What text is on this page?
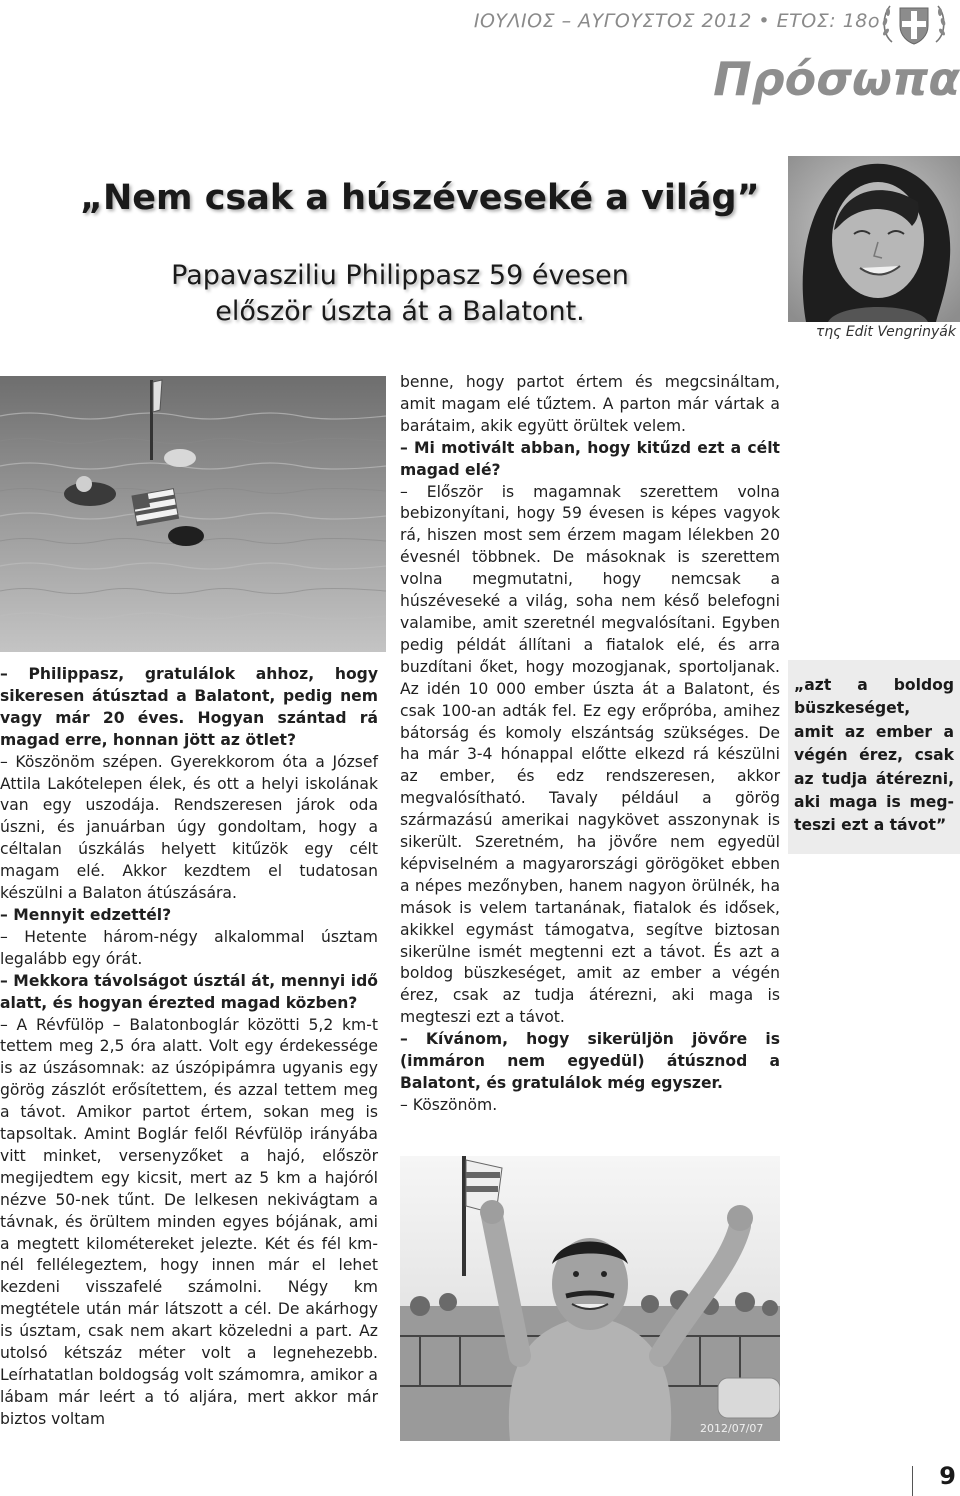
ΙΟΥΛΙΟΣ – ΑΥΓΟΥΣΤΟΣ 2012 • ΕΤΟΣ: 18ο
Πρόσωπα
„Nem csak a húszéveseké a világ”
Papavasziliu Philippasz 59 évesen
először úszta át a Balatont.
της Edit Vengrinyák

– Philippasz, gratulálok ahhoz, hogy sikeresen átúsztad a Balatont, pedig nem vagy már 20 éves. Hogyan szántad rá magad erre, honnan jött az ötlet?

– Köszönöm szépen. Gyerekkorom óta a József Attila Lakótelepen élek, és ott a helyi iskolának van egy uszodája. Rendszeresen járok oda úszni, és januárban úgy gondoltam, hogy a céltalan úszkálás helyett kitűzök egy célt magam elé. Akkor kezdtem el tudatosan készülni a Balaton átúszására.

– Mennyit edzettél?

– Hetente három-négy alkalommal úsztam legalább egy órát.

– Mekkora távolságot úsztál át, mennyi idő alatt, és hogyan érezted magad közben?

– A Révfülöp – Balatonboglár közötti 5,2 km-t tettem meg 2,5 óra alatt. Volt egy érdekessége is az úszásomnak: az úszópipámra ugyanis egy görög zászlót erősítettem, és azzal tettem meg a távot. Amikor partot értem, sokan meg is tapsoltak. Amint Boglár felől Révfülöp irányába vitt minket, versenyzőket a hajó, először megijedtem egy kicsit, mert az 5 km a hajóról nézve 50-nek tűnt. De lelkesen nekivágtam a távnak, és örültem minden egyes bójának, ami a megtett kilométereket jelezte. Két és fél km-nél fellélegeztem, hogy innen már el lehet kezdeni visszafelé számolni. Négy km megtétele után már látszott a cél. De akárhogy is úsztam, csak nem akart közeledni a part. Az utolsó kétszáz méter volt a legnehezebb. Leírhatatlan boldogság volt számomra, amikor a lábam már leért a tó aljára, mert akkor már biztos voltam

benne, hogy partot értem és megcsináltam, amit magam elé tűztem. A parton már vártak a barátaim, akik együtt örültek velem.

– Mi motivált abban, hogy kitűzd ezt a célt magad elé?

– Először is magamnak szerettem volna bebizonyítani, hogy 59 évesen is képes vagyok rá, hiszen most sem érzem magam lélekben 20 évesnél többnek. De másoknak is szerettem volna megmutatni, hogy nemcsak a húszéveseké a világ, soha nem késő belefogni valamibe, amit szeretnél megvalósítani. Egyben pedig példát állítani a fiatalok elé, és arra buzdítani őket, hogy mozogjanak, sportoljanak. Az idén 10 000 ember úszta át a Balatont, és csak 100-an adták fel. Ez egy erőpróba, amihez bátorság és komoly elszántság szükséges. De ha már 3-4 hónappal előtte elkezd rá készülni az ember, és edz rendszeresen, akkor megvalósítható. Tavaly például a görög származású amerikai nagykövet asszonynak is sikerült. Szeretném, ha jövőre nem egyedül képviselném a magyarországi görögöket ebben a népes mezőnyben, hanem nagyon örülnék, ha mások is velem tartanának, fiatalok és idősek, akikkel egymást támogatva, segítve biztosan sikerülne ismét megtenni ezt a távot. És azt a boldog büszkeséget, amit az ember a végén érez, csak az tudja átérezni, aki maga is megteszi ezt a távot.

– Kívánom, hogy sikerüljön jövőre is (immáron nem egyedül) átúsznod a Balatont, és gratulálok még egyszer.

– Köszönöm.

„azt a boldog büszkeséget, amit az ember a végén érez, csak az tudja átérezni, aki maga is megteszi ezt a távot”
2012/07/07
9
